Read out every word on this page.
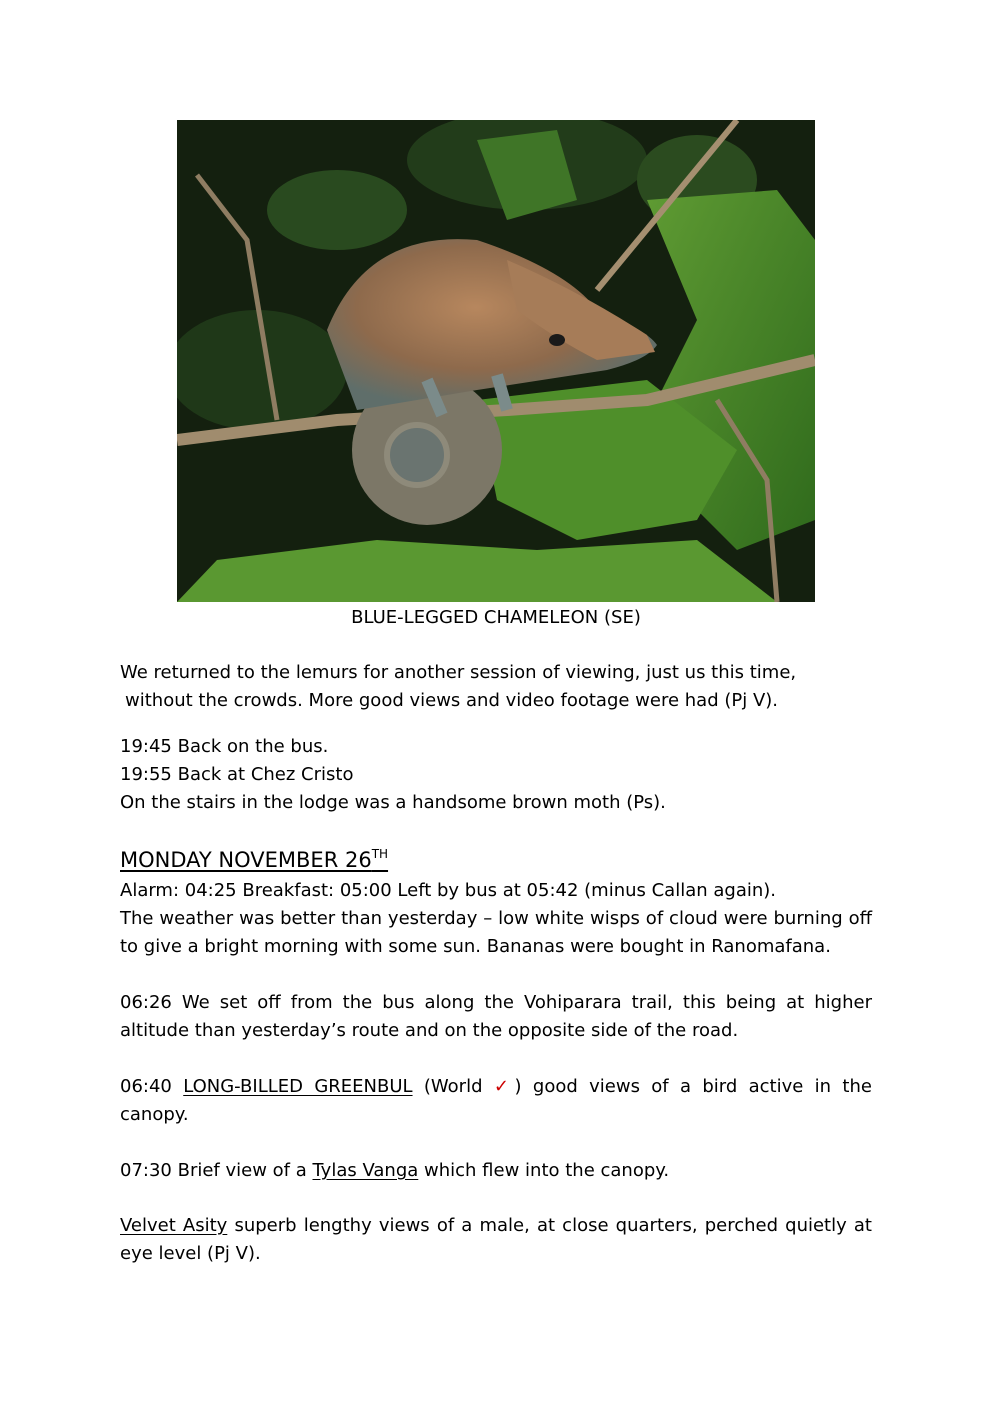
BLUE-LEGGED CHAMELEON (SE)

We returned to the lemurs for another session of viewing, just us this time,

without the crowds. More good views and video footage were had (Pj V).

19:45 Back on the bus.

19:55 Back at Chez Cristo

On the stairs in the lodge was a handsome brown moth (Ps).

MONDAY NOVEMBER 26TH

Alarm: 04:25 Breakfast: 05:00 Left by bus at 05:42 (minus Callan again).

The weather was better than yesterday – low white wisps of cloud were burning off to give a bright morning with some sun. Bananas were bought in Ranomafana.

06:26 We set off from the bus along the Vohiparara trail, this being at higher altitude than yesterday’s route and on the opposite side of the road.
06:40 LONG-BILLED GREENBUL (World ✓) good views of a bird active in the canopy.
07:30 Brief view of a Tylas Vanga which flew into the canopy.
Velvet Asity superb lengthy views of a male, at close quarters, perched quietly at eye level (Pj V).
